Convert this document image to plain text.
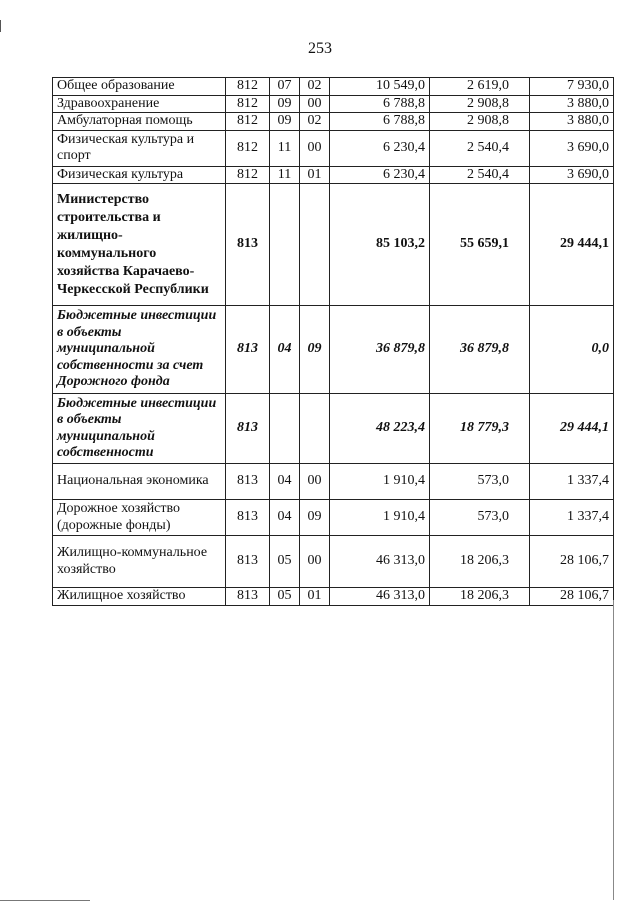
253
Общее образование	812	07	02	10 549,0	2 619,0	7 930,0
Здравоохранение	812	09	00	6 788,8	2 908,8	3 880,0
Амбулаторная помощь	812	09	02	6 788,8	2 908,8	3 880,0
Физическая культура и спорт	812	11	00	6 230,4	2 540,4	3 690,0
Физическая культура	812	11	01	6 230,4	2 540,4	3 690,0
Министерство строительства и жилищно-коммунального хозяйства Карачаево-Черкесской Республики	813			85 103,2	55 659,1	29 444,1
Бюджетные инвестиции в объекты муниципальной собственности за счет Дорожного фонда	813	04	09	36 879,8	36 879,8	0,0
Бюджетные инвестиции в объекты муниципальной собственности	813			48 223,4	18 779,3	29 444,1
Национальная экономика	813	04	00	1 910,4	573,0	1 337,4
Дорожное хозяйство (дорожные фонды)	813	04	09	1 910,4	573,0	1 337,4
Жилищно-коммунальное хозяйство	813	05	00	46 313,0	18 206,3	28 106,7
Жилищное хозяйство	813	05	01	46 313,0	18 206,3	28 106,7
